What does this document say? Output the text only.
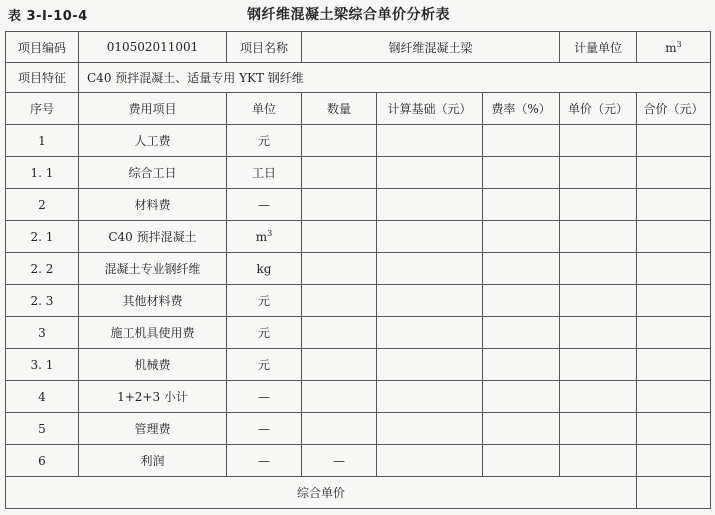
表 3-Ⅰ-10-4	钢纤维混凝土梁综合单价分析表
项目编码	010502011001	项目名称	钢纤维混凝土梁			计量单位	$m^3$
项目特征	C40 预拌混凝土、适量专用 YKT 钢纤维						
序号	费用项目	单位	数量	计算基础（元）	费率（%）	单价（元）	合价（元）
1	人工费	元					
1. 1	综合工日	工日					
2	材料费	—					
2. 1	C40 预拌混凝土	$m^3$					
2. 2	混凝土专业钢纤维	kg					
2. 3	其他材料费	元					
3	施工机具使用费	元					
3. 1	机械费	元					
4	1+2+3 小计	—					
5	管理费	—					
6	利润	—	—				
综合单价							
